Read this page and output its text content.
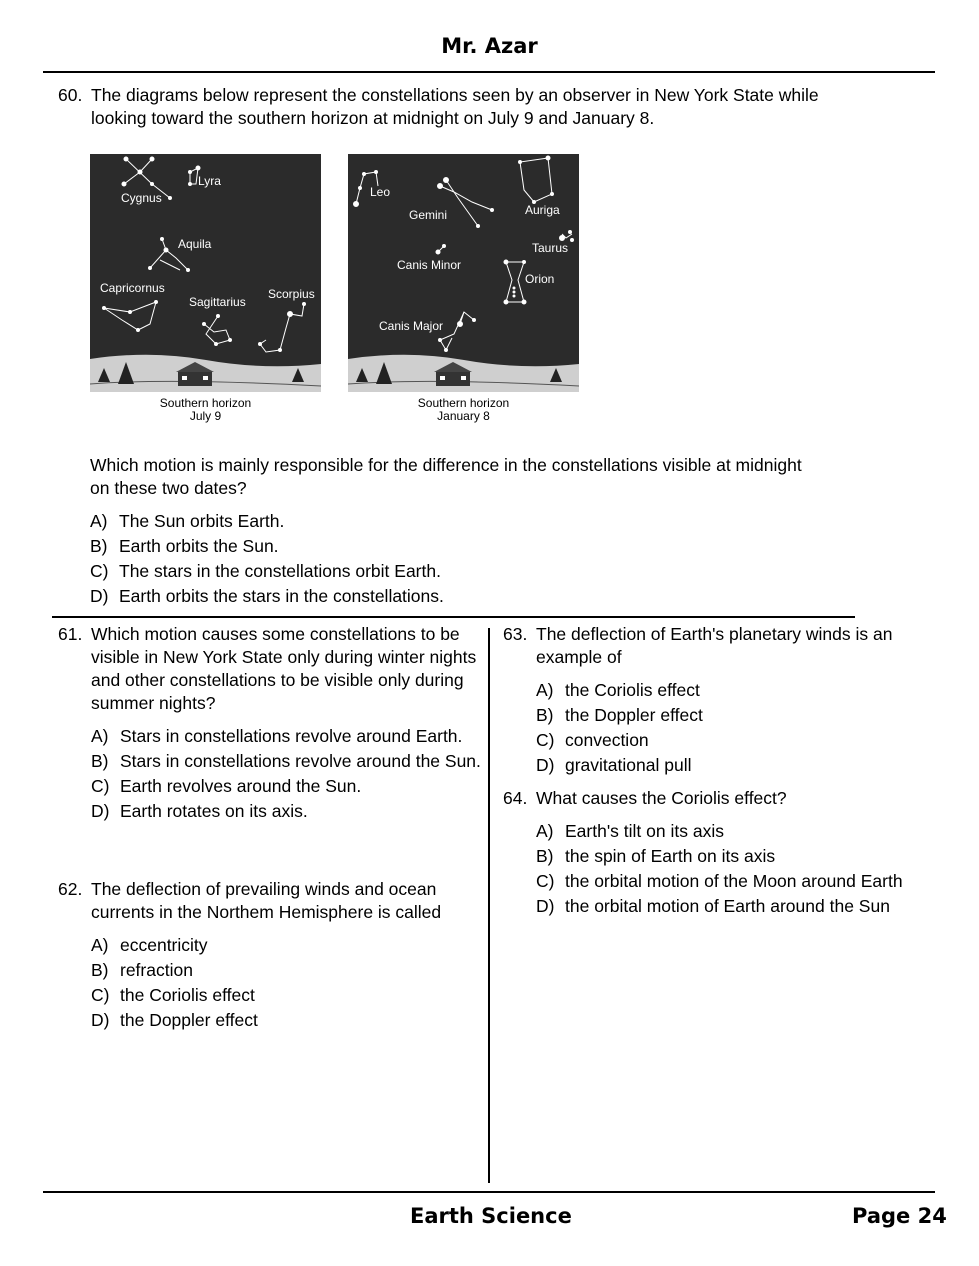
Mr. Azar
60. The diagrams below represent the constellations seen by an observer in New York State while looking toward the southern horizon at midnight on July 9 and January 8.
Cygnus
Lyra
Aquila
Capricornus
Sagittarius
Scorpius
Southern horizon
July 9
Leo
Gemini	Auriga
Taurus
Canis Minor
Orion
Canis Major
Southern horizon
January 8
Which motion is mainly responsible for the difference in the constellations visible at midnight on these two dates?
A) The Sun orbits Earth.
B) Earth orbits the Sun.
C) The stars in the constellations orbit Earth.
D) Earth orbits the stars in the constellations.
61. Which motion causes some constellations to be visible in New York State only during winter nights and other constellations to be visible only during summer nights?
A) Stars in constellations revolve around Earth.
B) Stars in constellations revolve around the Sun.
C) Earth revolves around the Sun.
D) Earth rotates on its axis.
62. The deflection of prevailing winds and ocean currents in the Northem Hemisphere is called
A) eccentricity
B) refraction
C) the Coriolis effect
D) the Doppler effect
63. The deflection of Earth's planetary winds is an example of
A) the Coriolis effect
B) the Doppler effect
C) convection
D) gravitational pull
64. What causes the Coriolis effect?
A) Earth's tilt on its axis
B) the spin of Earth on its axis
C) the orbital motion of the Moon around Earth
D) the orbital motion of Earth around the Sun
Earth Science	Page 24
